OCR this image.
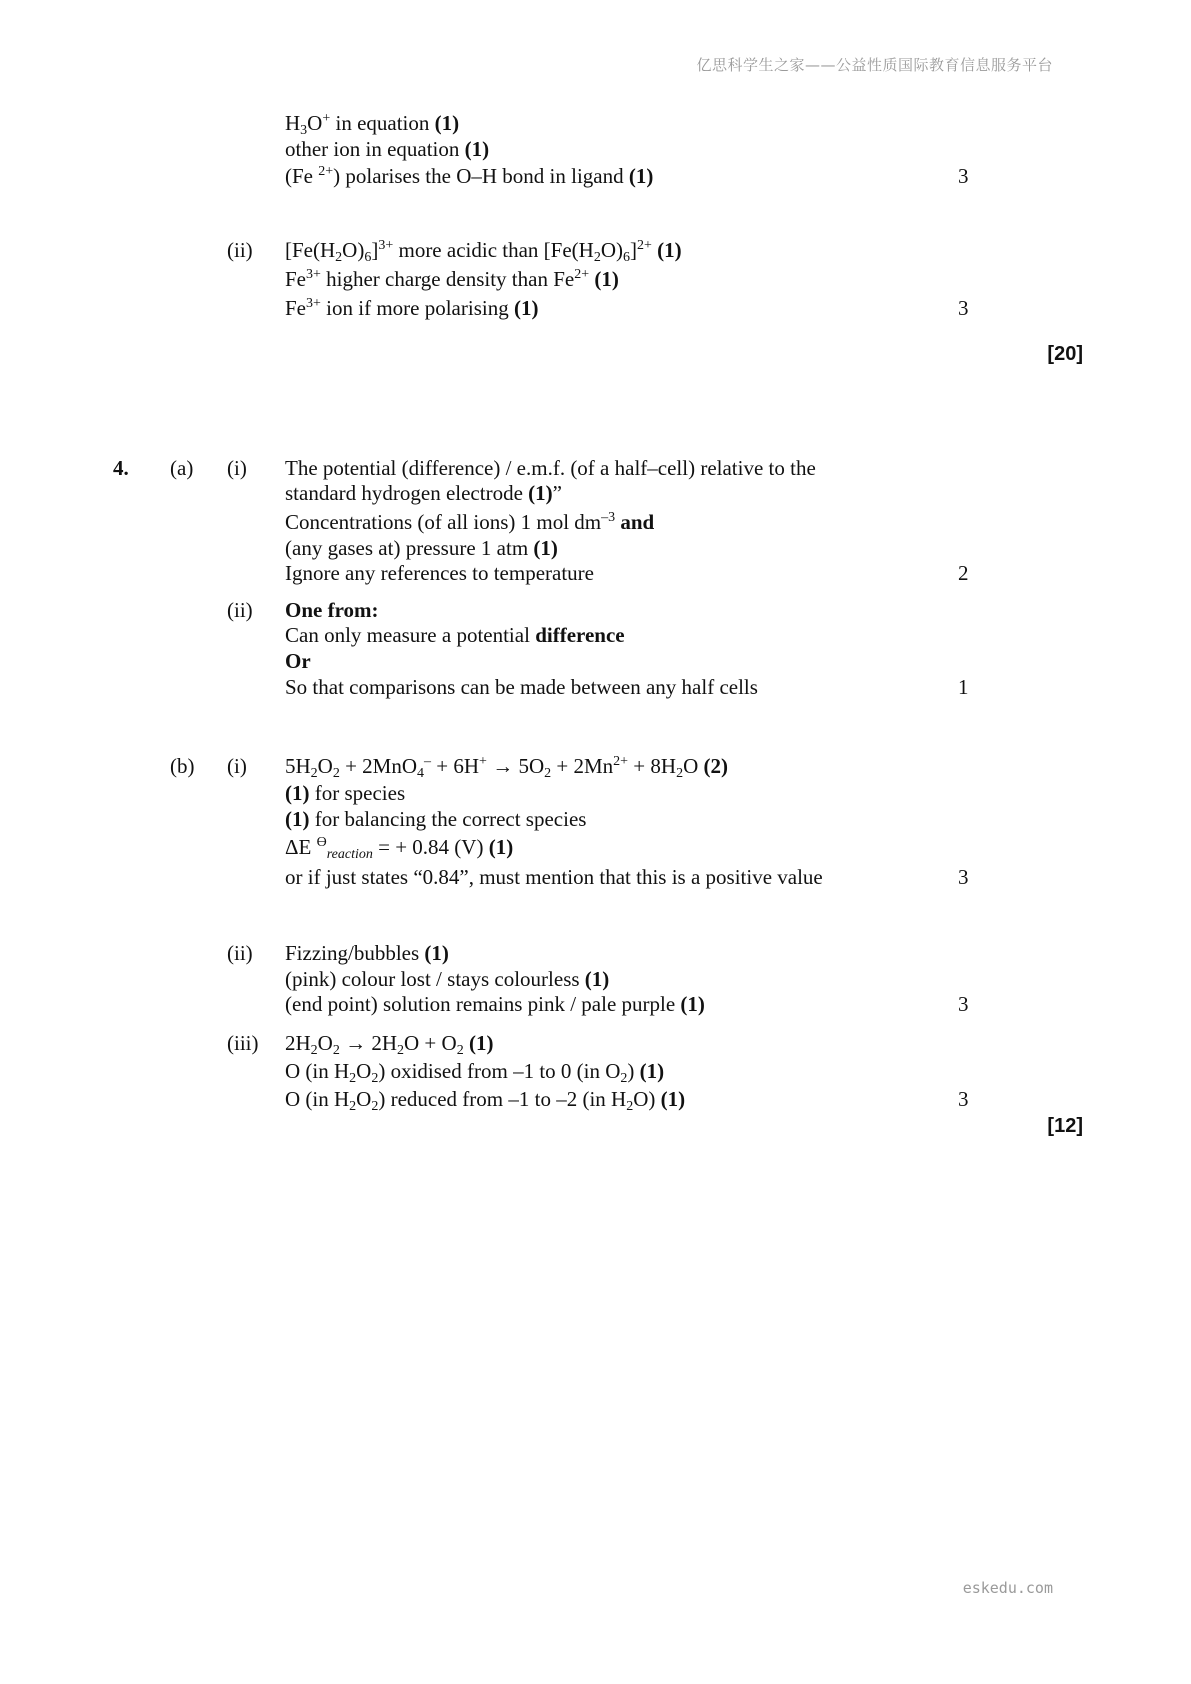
亿思科学生之家——公益性质国际教育信息服务平台
$H_3O^+$ in equation (1)
other ion in equation (1)
(Fe $^{2+}$) polarises the O–H bond in ligand (1)	3
(ii) $[Fe(H_2O)_6]^{3+}$ more acidic than $[Fe(H_2O)_6]^{2+}$ (1)
$Fe^{3+}$ higher charge density than $Fe^{2+}$ (1)
$Fe^{3+}$ ion if more polarising (1)	3
[20]
4. (a) (i) The potential (difference) / e.m.f. (of a half–cell) relative to the
standard hydrogen electrode (1)”
Concentrations (of all ions) 1 mol $dm^{-3}$ and
(any gases at) pressure 1 atm (1)
Ignore any references to temperature	2
(ii) One from:
Can only measure a potential difference
Or
So that comparisons can be made between any half cells	1
(b) (i) $5H_2O_2 + 2MnO_4^- + 6H^+ \to 5O_2 + 2Mn^{2+} + 8H_2O$ (2)
(1) for species
(1) for balancing the correct species
ΔE $^ϴ_{reaction}$ = + 0.84 (V) (1)
or if just states “0.84”, must mention that this is a positive value	3
(ii) Fizzing/bubbles (1)
(pink) colour lost / stays colourless (1)
(end point) solution remains pink / pale purple (1)	3
(iii) $2H_2O_2 \to 2H_2O + O_2$ (1)
O (in $H_2O_2$) oxidised from –1 to 0 (in $O_2$) (1)
O (in $H_2O_2$) reduced from –1 to –2 (in $H_2O$) (1)	3
[12]
eskedu.com
